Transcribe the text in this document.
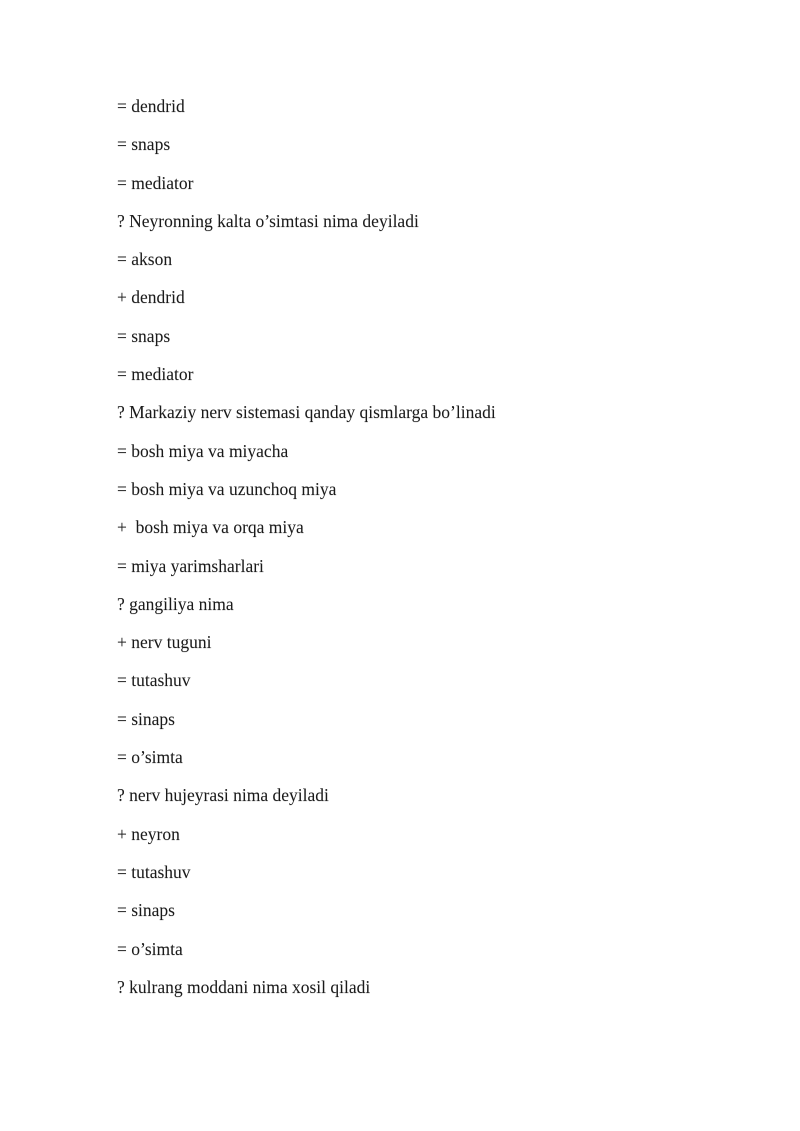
= dendrid
= snaps
= mediator
? Neyronning kalta o’simtasi nima deyiladi
= akson
+ dendrid
= snaps
= mediator
? Markaziy nerv sistemasi qanday qismlarga bo’linadi
= bosh miya va miyacha
= bosh miya va uzunchoq miya
+  bosh miya va orqa miya
= miya yarimsharlari
? gangiliya nima
+ nerv tuguni
= tutashuv
= sinaps
= o’simta
? nerv hujeyrasi nima deyiladi
+ neyron
= tutashuv
= sinaps
= o’simta
? kulrang moddani nima xosil qiladi
